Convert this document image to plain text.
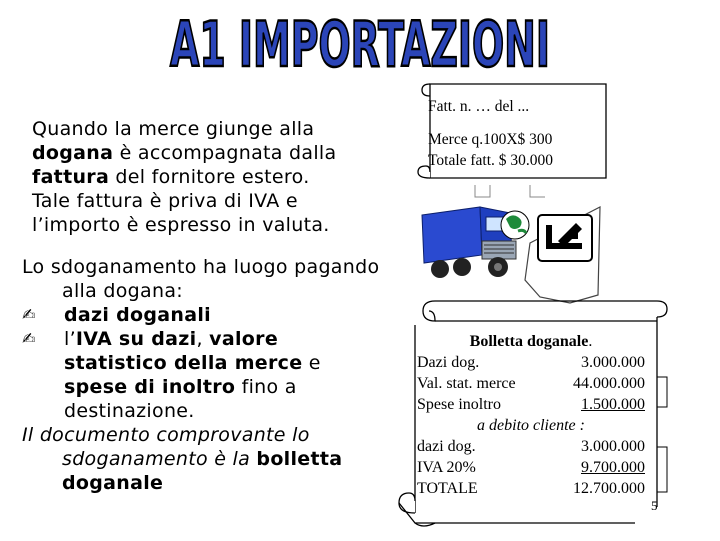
A1 IMPORTAZIONI
Quando la merce giunge alla
dogana è accompagnata dalla
fattura del fornitore estero.
Tale fattura è priva di IVA e
l’importo è espresso in valuta.

Lo sdoganamento ha luogo pagando alla dogana:

✍	dazi doganali
✍	l’IVA su dazi, valore statistico della merce e spese di inoltro fino a destinazione.

Il documento comprovante lo sdoganamento è la bolletta doganale

Fatt. n. … del ...
Merce q.100X$ 300
Totale fatt. $ 30.000
Bolletta doganale.
Dazi dog.	3.000.000
Val. stat. merce	44.000.000
Spese inoltro	1.500.000
a debito cliente :
dazi dog.	3.000.000
IVA 20%	9.700.000
TOTALE	12.700.000
5
